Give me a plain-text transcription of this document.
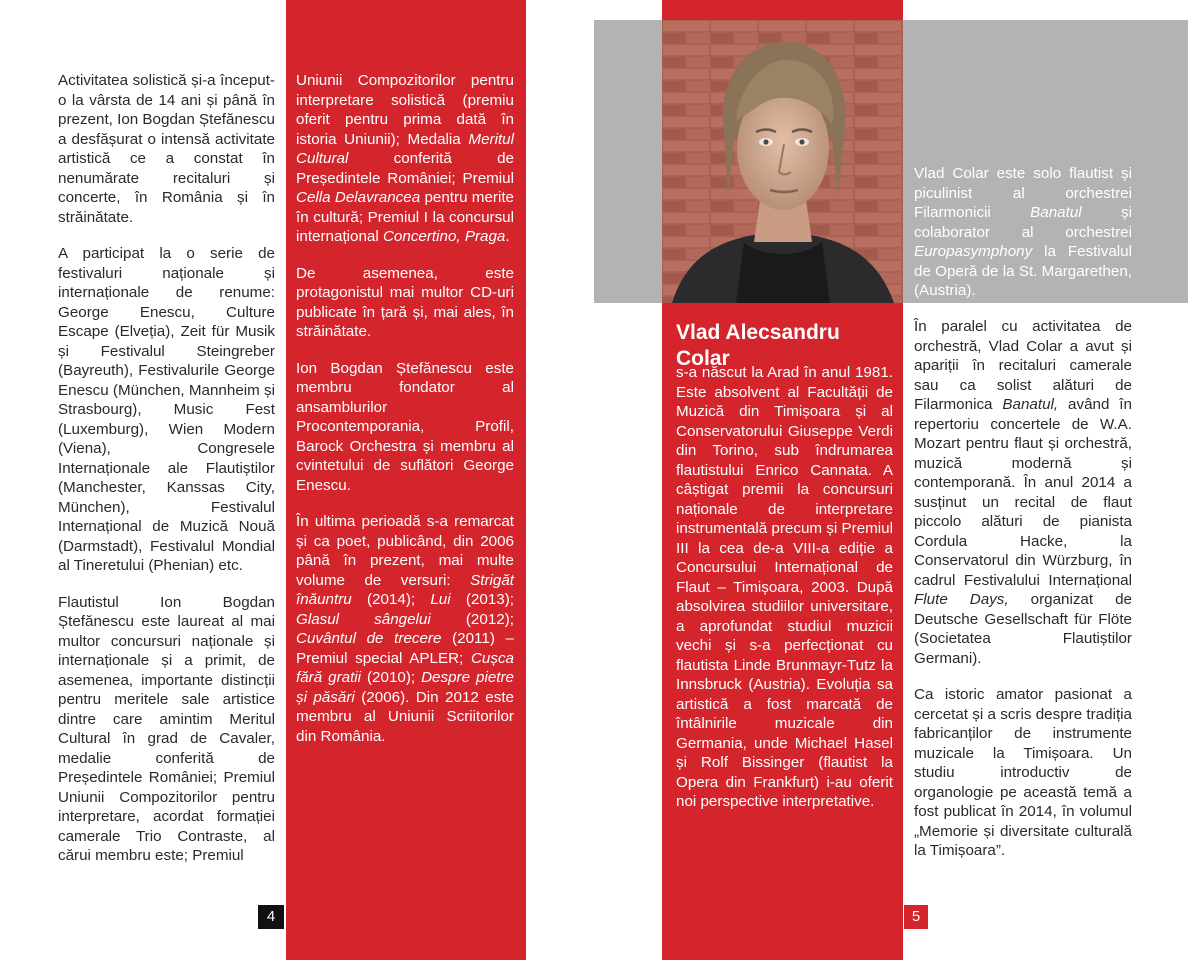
Activitatea solistică și-a început-o la vârsta de 14 ani și până în prezent, Ion Bogdan Ștefănescu a desfășurat o intensă activitate artistică ce a constat în nenumărate recitaluri și concerte, în România și în străinătate.

A participat la o serie de festivaluri naționale și internaționale de renume: George Enescu, Culture Escape (Elveția), Zeit für Musik și Festivalul Steingreber (Bayreuth), Festivalurile George Enescu (München, Mannheim și Strasbourg), Music Fest (Luxemburg), Wien Modern (Viena), Congresele Internaționale ale Flautiștilor (Manchester, Kanssas City, München), Festivalul Internațional de Muzică Nouă (Darmstadt), Festivalul Mondial al Tineretului (Phenian) etc.

Flautistul Ion Bogdan Ștefănescu este laureat al mai multor concursuri naționale și internaționale și a primit, de asemenea, importante distincții pentru meritele sale artistice dintre care amintim Meritul Cultural în grad de Cavaler, medalie conferită de Președintele României; Premiul Uniunii Compozitorilor pentru interpretare, acordat formației camerale Trio Contraste, al cărui membru este; Premiul

Uniunii Compozitorilor pentru interpretare solistică (premiu oferit pentru prima dată în istoria Uniunii); Medalia Meritul Cultural conferită de Președintele României; Premiul Cella Delavrancea pentru merite în cultură; Premiul I la concursul internațional Concertino, Praga.

De asemenea, este protagonistul mai multor CD-uri publicate în țară și, mai ales, în străinătate.

Ion Bogdan Ștefănescu este membru fondator al ansamblurilor Procontemporania, Profil, Barock Orchestra și membru al cvintetului de suflători George Enescu.

În ultima perioadă s-a remarcat și ca poet, publicând, din 2006 până în prezent, mai multe volume de versuri: Strigăt înăuntru (2014); Lui (2013); Glasul sângelui (2012); Cuvântul de trecere (2011) – Premiul special APLER; Cușca fără gratii (2010); Despre pietre și păsări (2006). Din 2012 este membru al Uniunii Scriitorilor din România.

4

Vlad Alecsandru

Colar

s-a născut la Arad în anul 1981. Este absolvent al Facultății de Muzică din Timișoara și al Conservatorului Giuseppe Verdi din Torino, sub îndrumarea flautistului Enrico Cannata. A câștigat premii la concursuri naționale de interpretare instrumentală precum și Premiul III la cea de-a VIII-a ediție a Concursului Internațional de Flaut – Timișoara, 2003. După absolvirea studiilor universitare, a aprofundat studiul muzicii vechi și s-a perfecționat cu flautista Linde Brunmayr-Tutz la Innsbruck (Austria). Evoluția sa artistică a fost marcată de întâlnirile muzicale din Germania, unde Michael Hasel și Rolf Bissinger (flautist la Opera din Frankfurt) i-au oferit noi perspective interpretative.

Vlad Colar este solo flautist și piculinist al orchestrei Filarmonicii Banatul și colaborator al orchestrei Europasymphony la Festivalul de Operă de la St. Margarethen, (Austria).

În paralel cu activitatea de orchestră, Vlad Colar a avut și apariții în recitaluri camerale sau ca solist alături de Filarmonica Banatul, având în repertoriu concertele de W.A. Mozart pentru flaut și orchestră, muzică modernă și contemporană. În anul 2014 a susținut un recital de flaut piccolo alături de pianista Cordula Hacke, la Conservatorul din Würzburg, în cadrul Festivalului Internațional Flute Days, organizat de Deutsche Gesellschaft für Flöte (Societatea Flautiștilor Germani).

Ca istoric amator pasionat a cercetat și a scris despre tradiția fabricanților de instrumente muzicale la Timișoara. Un studiu introductiv de organologie pe această temă a fost publicat în 2014, în volumul „Memorie și diversitate culturală la Timișoara”.

5
